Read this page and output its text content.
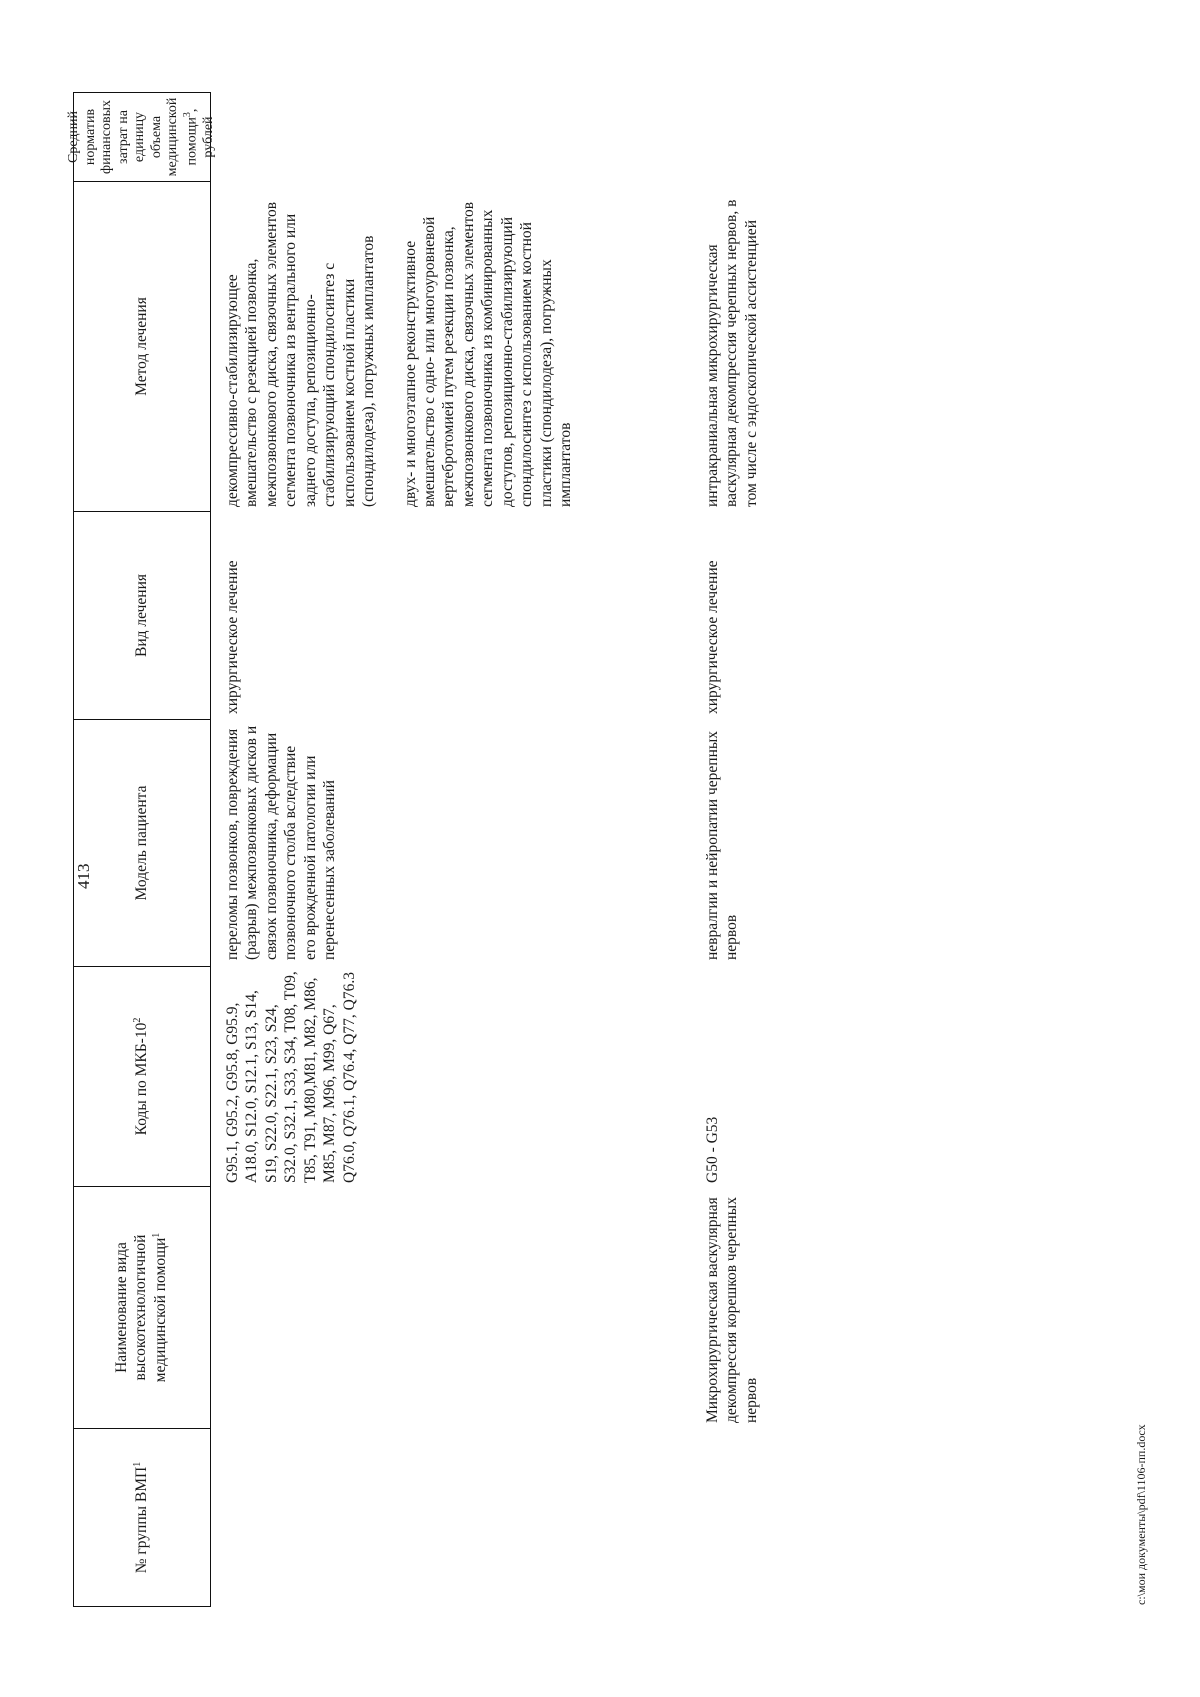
413
№ группы ВМП$^1$
Наименование вида высокотехнологичной медицинской помощи$^1$
Коды по МКБ-$10^2$
Модель пациента
Вид лечения
Метод лечения
Средний норматив финансовых затрат на единицу объема медицинской помощи$^3$, рублей
G95.1, G95.2, G95.8, G95.9, A18.0, S12.0, S12.1, S13, S14, S19, S22.0, S22.1, S23, S24, S32.0, S32.1, S33, S34, T08, T09, T85, T91, M80,M81, M82, M86, M85, M87, M96, M99, Q67, Q76.0, Q76.1, Q76.4, Q77, Q76.3
переломы позвонков, повреждения (разрыв) межпозвонковых дисков и связок позвоночника, деформации позвоночного столба вследствие его врожденной патологии или перенесенных заболеваний
хирургическое лечение

декомпрессивно-стабилизирующее вмешательство с резекцией позвонка, межпозвонкового диска, связочных элементов сегмента позвоночника из вентрального или заднего доступа, репозиционно-стабилизирующий спондилосинтез с использованием костной пластики (спондилодеза), погружных имплантатов двух- и многоэтапное реконструктивное вмешательство с одно- или многоуровневой вертебротомией путем резекции позвонка, межпозвонкового диска, связочных элементов сегмента позвоночника из комбинированных доступов, репозиционно-стабилизирующий спондилосинтез с использованием костной пластики (спондилодеза), погружных имплантатов

Микрохирургическая васкулярная декомпрессия корешков черепных нервов
G50 - G53
невралгии и нейропатии черепных нервов
хирургическое лечение

интракраниальная микрохирургическая васкулярная декомпрессия черепных нервов, в том числе с эндоскопической ассистенцией

c:\мои документы\pdf\1106-пп.docx
